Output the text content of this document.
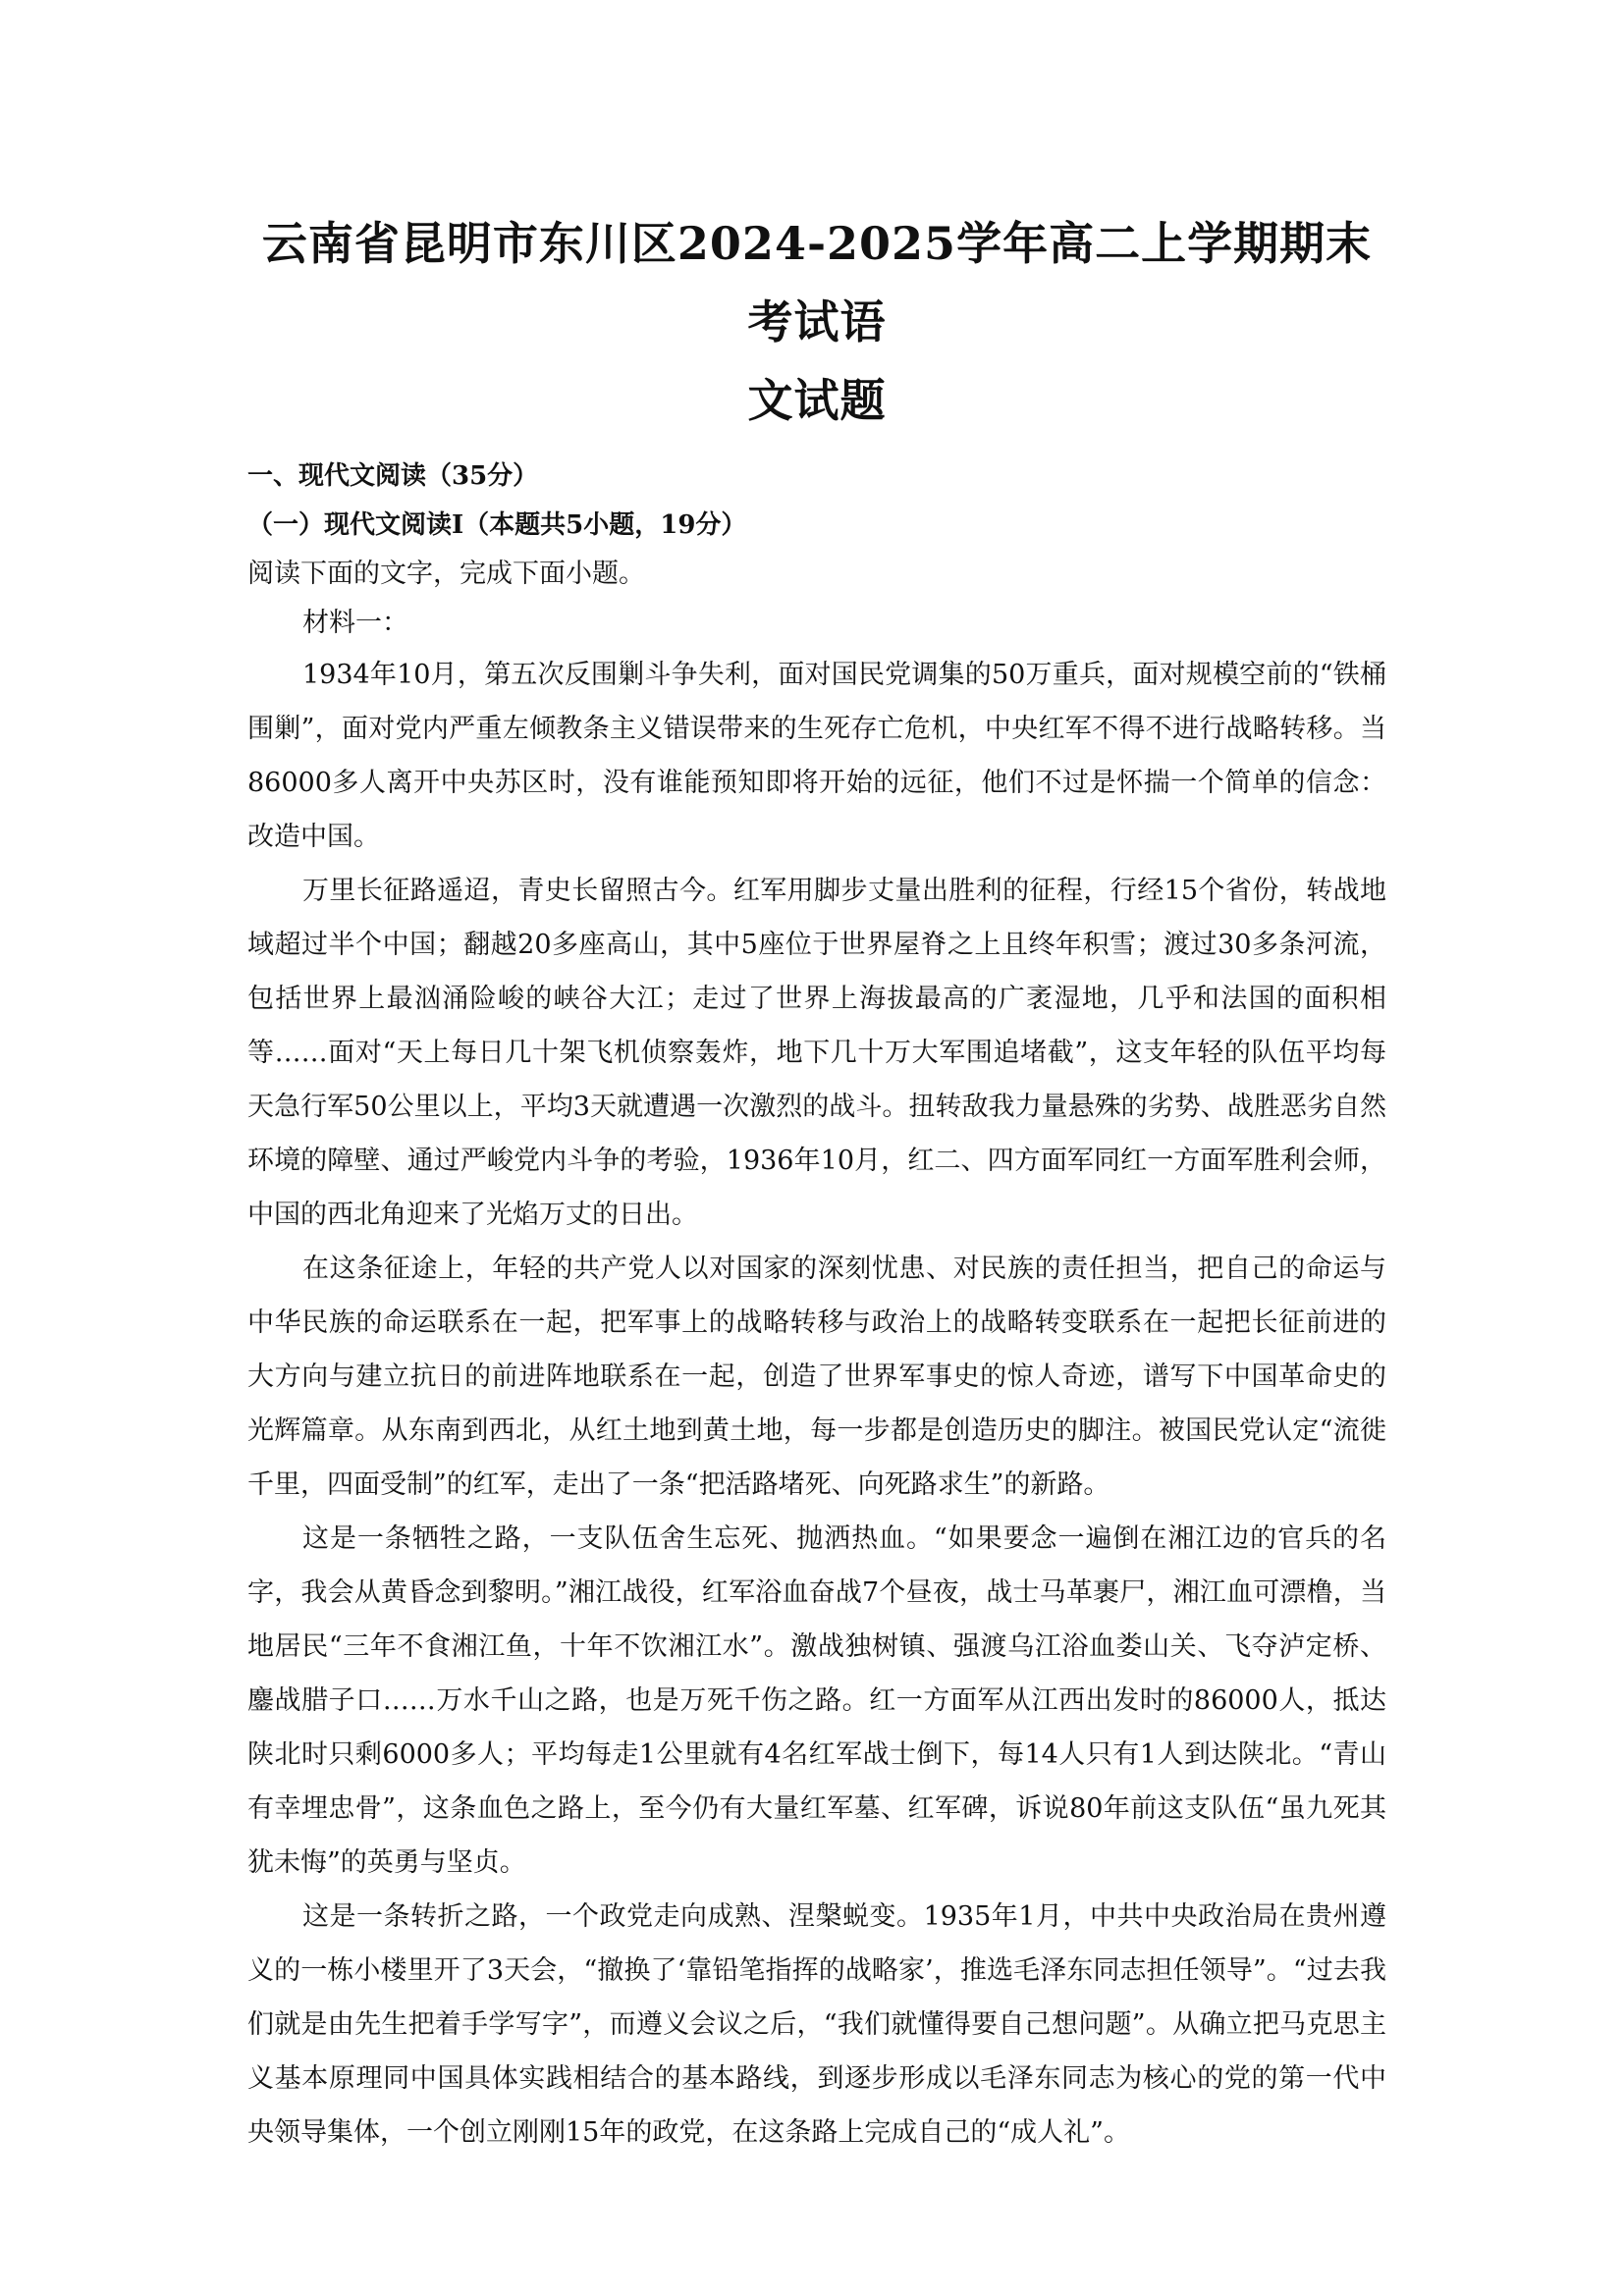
云南省昆明市东川区2024-2025学年高二上学期期末考试语
文试题

一、现代文阅读（35分）

（一）现代文阅读Ⅰ（本题共5小题，19分）

阅读下面的文字，完成下面小题。

材料一：

1934年10月，第五次反围剿斗争失利，面对国民党调集的50万重兵，面对规模空前的“铁桶围剿”，面对党内严重左倾教条主义错误带来的生死存亡危机，中央红军不得不进行战略转移。当86000多人离开中央苏区时，没有谁能预知即将开始的远征，他们不过是怀揣一个简单的信念：改造中国。

万里长征路遥迢，青史长留照古今。红军用脚步丈量出胜利的征程，行经15个省份，转战地域超过半个中国；翻越20多座高山，其中5座位于世界屋脊之上且终年积雪；渡过30多条河流，包括世界上最汹涌险峻的峡谷大江；走过了世界上海拔最高的广袤湿地，几乎和法国的面积相等……面对“天上每日几十架飞机侦察轰炸，地下几十万大军围追堵截”，这支年轻的队伍平均每天急行军50公里以上，平均3天就遭遇一次激烈的战斗。扭转敌我力量悬殊的劣势、战胜恶劣自然环境的障壁、通过严峻党内斗争的考验，1936年10月，红二、四方面军同红一方面军胜利会师，中国的西北角迎来了光焰万丈的日出。

在这条征途上，年轻的共产党人以对国家的深刻忧患、对民族的责任担当，把自己的命运与中华民族的命运联系在一起，把军事上的战略转移与政治上的战略转变联系在一起把长征前进的大方向与建立抗日的前进阵地联系在一起，创造了世界军事史的惊人奇迹，谱写下中国革命史的光辉篇章。从东南到西北，从红土地到黄土地，每一步都是创造历史的脚注。被国民党认定“流徙千里，四面受制”的红军，走出了一条“把活路堵死、向死路求生”的新路。

这是一条牺牲之路，一支队伍舍生忘死、抛洒热血。“如果要念一遍倒在湘江边的官兵的名字，我会从黄昏念到黎明。”湘江战役，红军浴血奋战7个昼夜，战士马革裹尸，湘江血可漂橹，当地居民“三年不食湘江鱼，十年不饮湘江水”。激战独树镇、强渡乌江浴血娄山关、飞夺泸定桥、鏖战腊子口……万水千山之路，也是万死千伤之路。红一方面军从江西出发时的86000人，抵达陕北时只剩6000多人；平均每走1公里就有4名红军战士倒下，每14人只有1人到达陕北。“青山有幸埋忠骨”，这条血色之路上，至今仍有大量红军墓、红军碑，诉说80年前这支队伍“虽九死其犹未悔”的英勇与坚贞。

这是一条转折之路，一个政党走向成熟、涅槃蜕变。1935年1月，中共中央政治局在贵州遵义的一栋小楼里开了3天会，“撤换了‘靠铅笔指挥的战略家’，推选毛泽东同志担任领导”。“过去我们就是由先生把着手学写字”，而遵义会议之后，“我们就懂得要自己想问题”。从确立把马克思主义基本原理同中国具体实践相结合的基本路线，到逐步形成以毛泽东同志为核心的党的第一代中央领导集体，一个创立刚刚15年的政党，在这条路上完成自己的“成人礼”。
